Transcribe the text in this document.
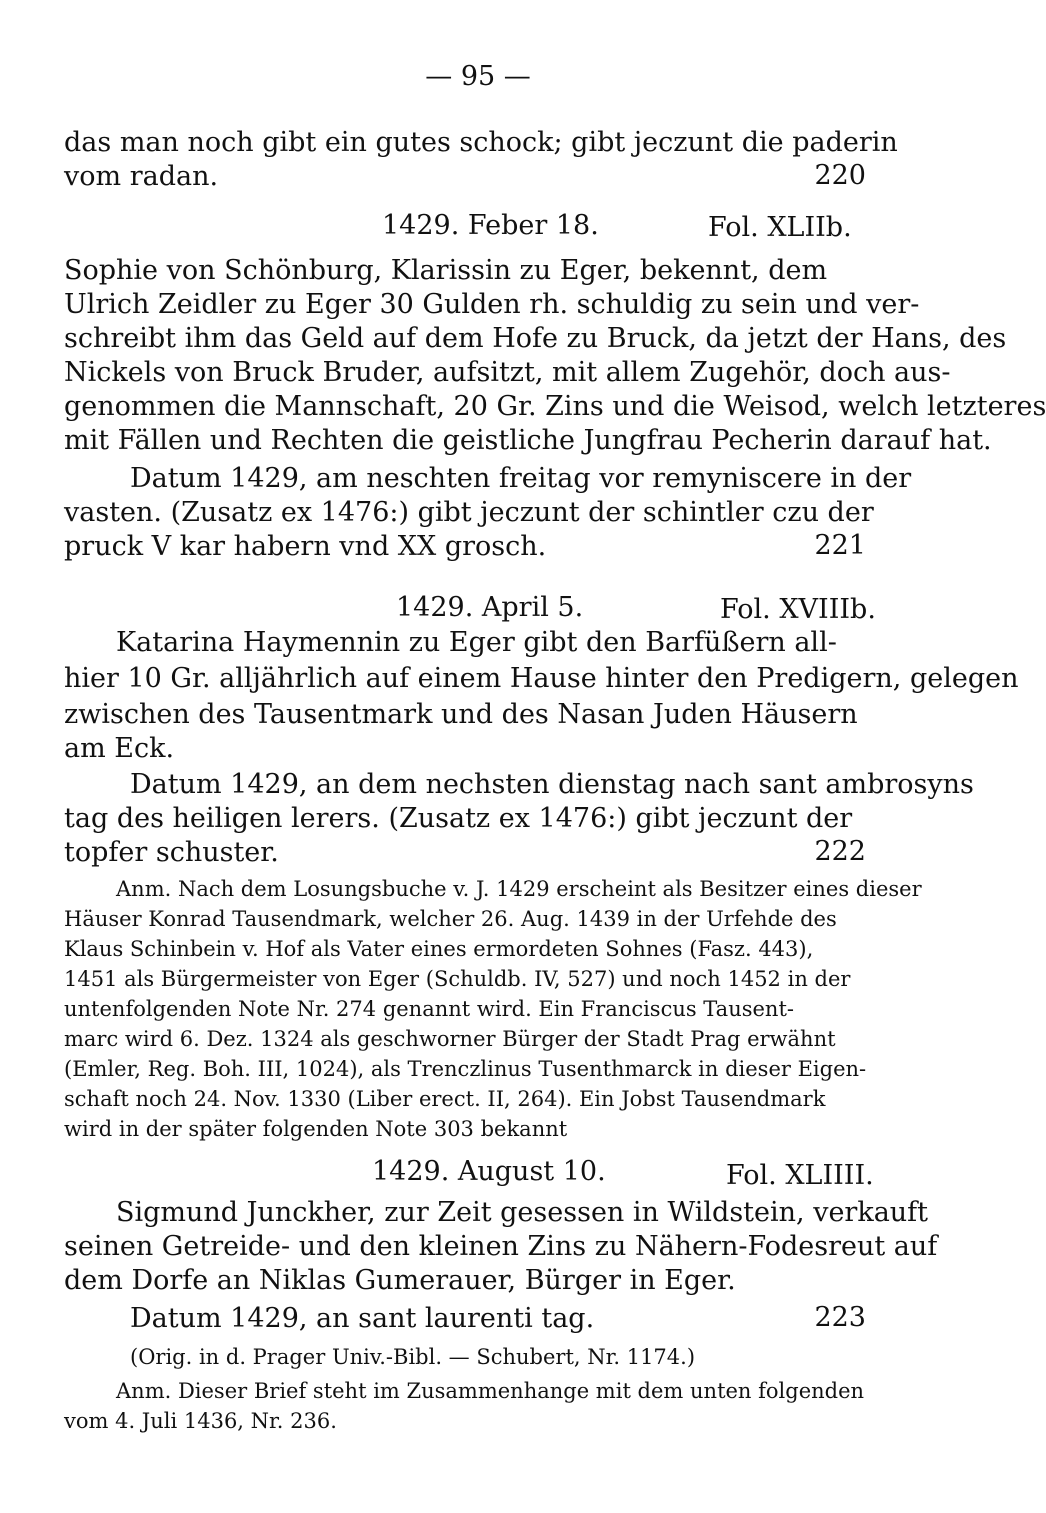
— 95 —
das man noch gibt ein gutes schock; gibt jeczunt die paderin
vom radan.	220
1429. Feber 18.	Fol. XLIIb.
Sophie von Schönburg, Klarissin zu Eger, bekennt, dem
Ulrich Zeidler zu Eger 30 Gulden rh. schuldig zu sein und ver-
schreibt ihm das Geld auf dem Hofe zu Bruck, da jetzt der Hans, des
Nickels von Bruck Bruder, aufsitzt, mit allem Zugehör, doch aus-
genommen die Mannschaft, 20 Gr. Zins und die Weisod, welch letzteres
mit Fällen und Rechten die geistliche Jungfrau Pecherin darauf hat.
Datum 1429, am neschten freitag vor remyniscere in der
vasten. (Zusatz ex 1476:) gibt jeczunt der schintler czu der
pruck V kar habern vnd XX grosch.	221
1429. April 5.	Fol. XVIIIb.
Katarina Haymennin zu Eger gibt den Barfüßern all-
hier 10 Gr. alljährlich auf einem Hause hinter den Predigern, gelegen
zwischen des Tausentmark und des Nasan Juden Häusern
am Eck.
Datum 1429, an dem nechsten dienstag nach sant ambrosyns
tag des heiligen lerers. (Zusatz ex 1476:) gibt jeczunt der
topfer schuster.	222
Anm. Nach dem Losungsbuche v. J. 1429 erscheint als Besitzer eines dieser
Häuser Konrad Tausendmark, welcher 26. Aug. 1439 in der Urfehde des
Klaus Schinbein v. Hof als Vater eines ermordeten Sohnes (Fasz. 443),
1451 als Bürgermeister von Eger (Schuldb. IV, 527) und noch 1452 in der
untenfolgenden Note Nr. 274 genannt wird. Ein Franciscus Tausent-
marc wird 6. Dez. 1324 als geschworner Bürger der Stadt Prag erwähnt
(Emler, Reg. Boh. III, 1024), als Trenczlinus Tusenthmarck in dieser Eigen-
schaft noch 24. Nov. 1330 (Liber erect. II, 264). Ein Jobst Tausendmark
wird in der später folgenden Note 303 bekannt
1429. August 10.	Fol. XLIIII.
Sigmund Junckher, zur Zeit gesessen in Wildstein, verkauft
seinen Getreide- und den kleinen Zins zu Nähern-Fodesreut auf
dem Dorfe an Niklas Gumerauer, Bürger in Eger.
Datum 1429, an sant laurenti tag.	223
(Orig. in d. Prager Univ.-Bibl. — Schubert, Nr. 1174.)
Anm. Dieser Brief steht im Zusammenhange mit dem unten folgenden
vom 4. Juli 1436, Nr. 236.
